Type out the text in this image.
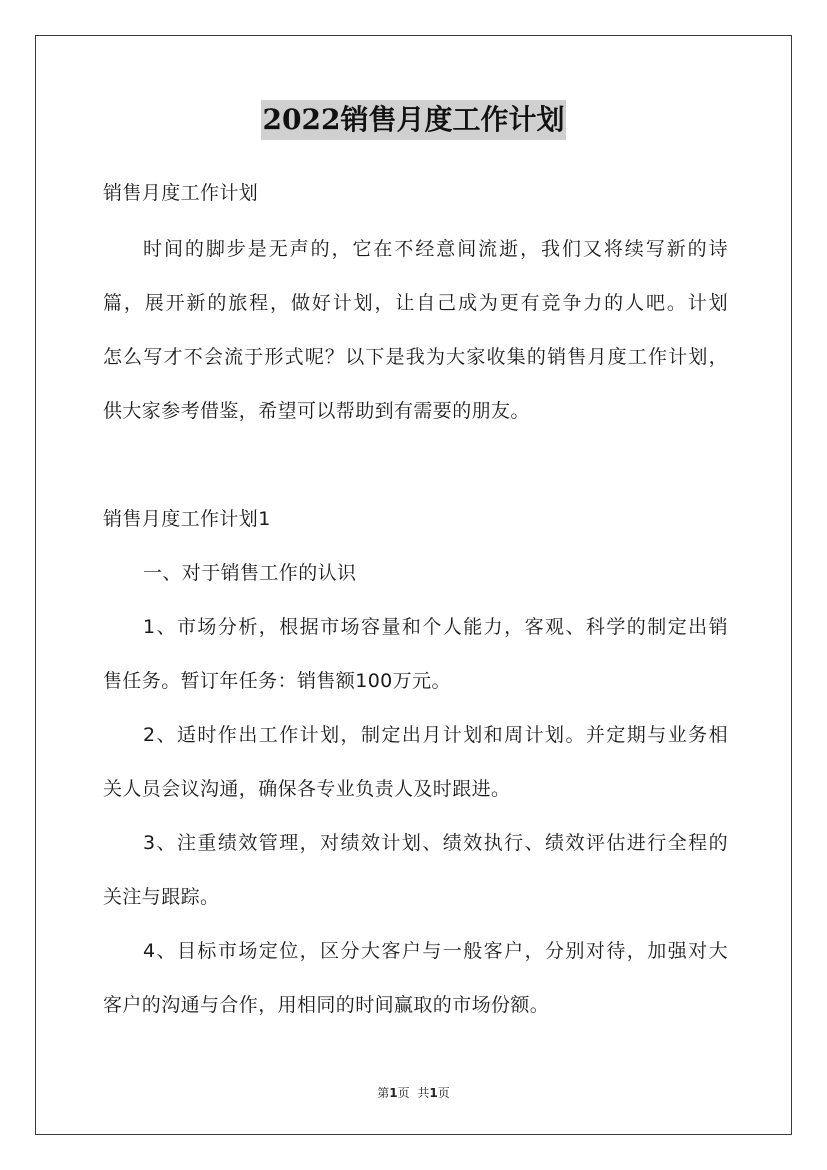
2022销售月度工作计划
销售月度工作计划
时间的脚步是无声的，它在不经意间流逝，我们又将续写新的诗
篇，展开新的旅程，做好计划，让自己成为更有竞争力的人吧。计划
怎么写才不会流于形式呢？以下是我为大家收集的销售月度工作计划，
供大家参考借鉴，希望可以帮助到有需要的朋友。
销售月度工作计划1
一、对于销售工作的认识
1、市场分析，根据市场容量和个人能力，客观、科学的制定出销
售任务。暂订年任务：销售额100万元。
2、适时作出工作计划，制定出月计划和周计划。并定期与业务相
关人员会议沟通，确保各专业负责人及时跟进。
3、注重绩效管理，对绩效计划、绩效执行、绩效评估进行全程的
关注与跟踪。
4、目标市场定位，区分大客户与一般客户，分别对待，加强对大
客户的沟通与合作，用相同的时间赢取的市场份额。
第1页 共1页
